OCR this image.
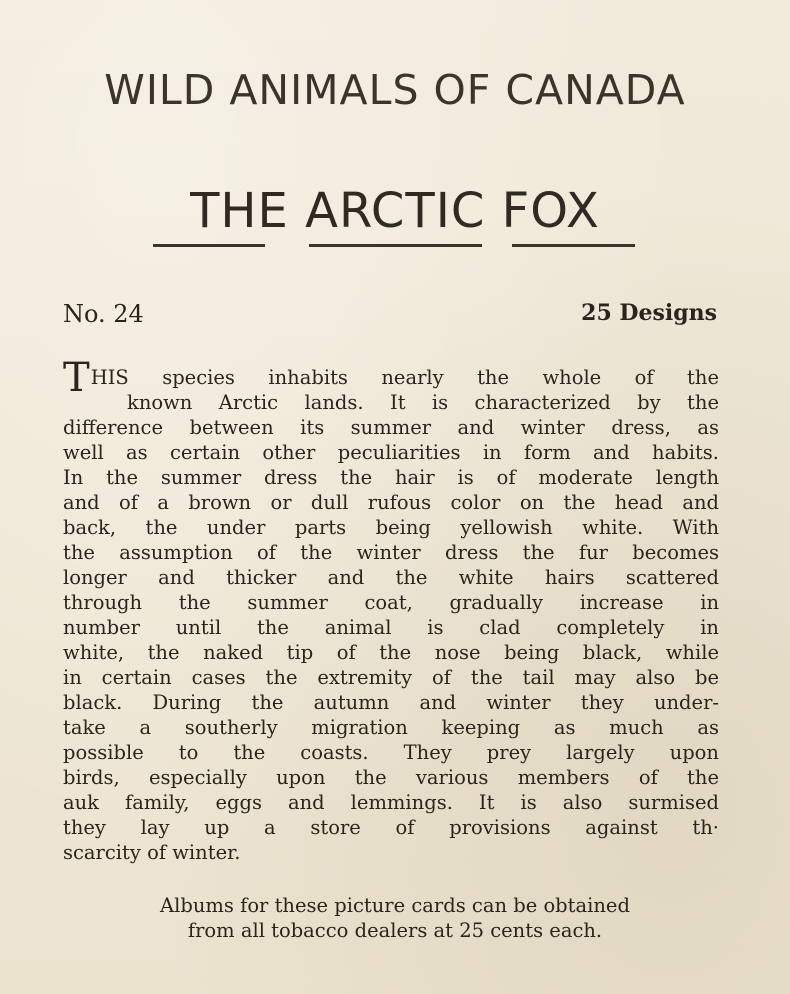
WILD ANIMALS OF CANADA
THE ARCTIC FOX
No. 24	25 Designs
THIS species inhabits nearly the whole of the
known Arctic lands. It is characterized by the
difference between its summer and winter dress, as
well as certain other peculiarities in form and habits.
In the summer dress the hair is of moderate length
and of a brown or dull rufous color on the head and
back, the under parts being yellowish white. With
the assumption of the winter dress the fur becomes
longer and thicker and the white hairs scattered
through the summer coat, gradually increase in
number until the animal is clad completely in
white, the naked tip of the nose being black, while
in certain cases the extremity of the tail may also be
black. During the autumn and winter they under-
take a southerly migration keeping as much as
possible to the coasts. They prey largely upon
birds, especially upon the various members of the
auk family, eggs and lemmings. It is also surmised
they lay up a store of provisions against th·
scarcity of winter.
Albums for these picture cards can be obtained
from all tobacco dealers at 25 cents each.
